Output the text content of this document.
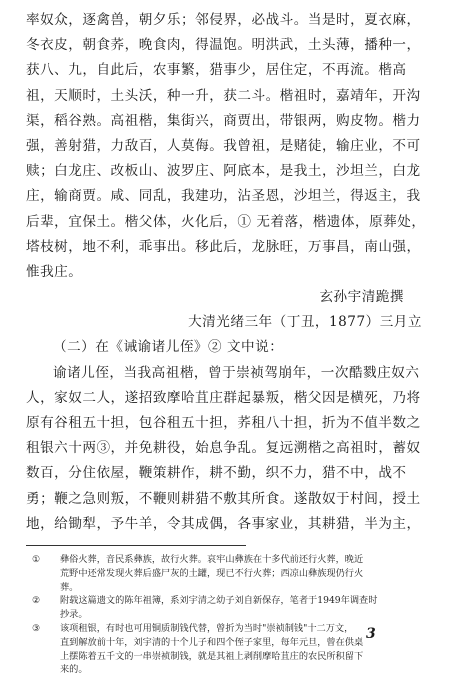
率奴众，逐禽兽，朝夕乐；邻侵界，必战斗。当是时，夏衣麻，
冬衣皮，朝食荞，晚食肉，得温饱。明洪武，土头薄，播种一，
获八、九，自此后，农事繁，猎事少，居住定，不再流。楷高
祖，天顺时，土头沃，种一升，获二斗。楷祖时，嘉靖年，开沟
渠，稻谷熟。高祖楷，集街兴，商贾出，带银两，购皮物。楷力
强，善射猎，力敌百，人莫侮。我曾祖，是赌徒，输庄业，不可
赎；白龙庄、改板山、波罗庄、阿底本，是我土，沙坦兰，白龙
庄，输商贾。咸、同乱，我建功，沾圣恩，沙坦兰，得返主，我
后辈，宜保土。楷父体，火化后，① 无着落，楷遗体，原葬处，
塔枝树，地不利，乖事出。移此后，龙脉旺，万事昌，南山强，
惟我庄。
玄孙宇清跪撰
大清光绪三年（丁丑，1877）三月立
（二）在《诫谕诸儿侄》② 文中说：
谕诸儿侄，当我高祖楷，曾于崇祯驾崩年，一次酷戮庄奴六
人，家奴二人，遂招致摩哈苴庄群起暴叛，楷父因是横死，乃将
原有谷租五十担，包谷租五十担，荞租八十担，折为不值半数之
租银六十两③，并免耕役，始息争乱。复远溯楷之高祖时，蓄奴
数百，分住依屋，鞭策耕作，耕不勤，织不力，猎不中，战不
勇；鞭之急则叛，不鞭则耕猎不敷其所食。遂散奴于村闾，授土
地，给锄犁，予牛羊，令其成偶，各事家业，其耕猎，半为主，
①	彝俗火葬，音民系彝族，故行火葬。哀牢山彝族在十多代前还行火葬，晚近
荒野中还常发现火葬后盛尸灰的土罐，现已不行火葬；西凉山彝族现仍行火
葬。
②	附载这篇遗文的陈年祖簿，系刘宇清之幼子刘自新保存，笔者于1949年调查时
抄录。
③	该项租银，有时也可用铜质制钱代替，曾折为当时"崇祯制钱"十二万文，
直到解放前十年，刘宇清的十个儿子和四个侄子家里，每年元旦，曾在供桌
上摆陈着五千文的一串崇祯制钱，就是其祖上剥削摩哈苴庄的农民所积留下
来的。
3
